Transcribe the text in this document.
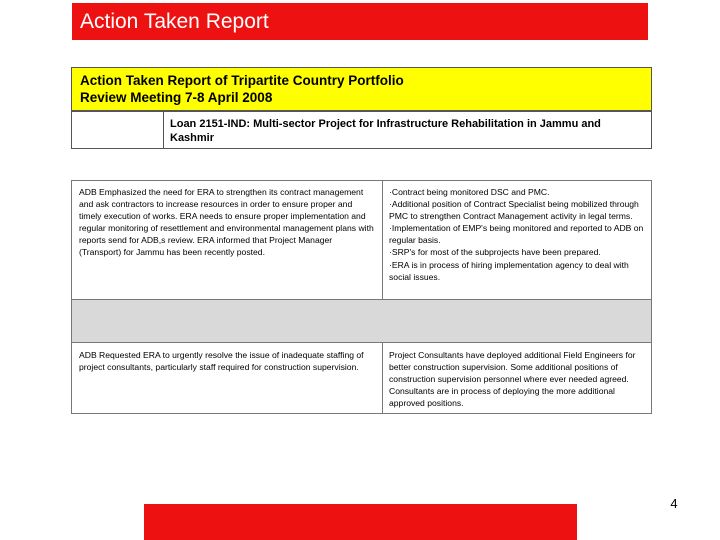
Action Taken Report
Action Taken Report of Tripartite Country Portfolio
Review Meeting 7-8 April 2008
Loan 2151-IND: Multi-sector Project for Infrastructure Rehabilitation in Jammu and Kashmir
ADB Emphasized the need for ERA to strengthen its contract management and ask contractors to increase resources in order to ensure proper and timely execution of works. ERA needs to ensure proper implementation and regular monitoring of resettlement and environmental management plans with reports send for ADB,s review. ERA informed that Project Manager (Transport) for Jammu has been recently posted.
·Contract being monitored DSC and PMC.
·Additional position of Contract Specialist being mobilized through PMC to strengthen Contract Management activity in legal terms.
·Implementation of EMP's being monitored and reported to ADB on regular basis.
·SRP's for most of the subprojects have been prepared.
·ERA is in process of hiring implementation agency to deal with social issues.
ADB Requested ERA to urgently resolve the issue of inadequate staffing of project consultants, particularly staff required for construction supervision.
Project Consultants have deployed additional Field Engineers for better construction supervision. Some additional positions of construction supervision personnel where ever needed agreed. Consultants are in process of deploying the more additional approved positions.
4
